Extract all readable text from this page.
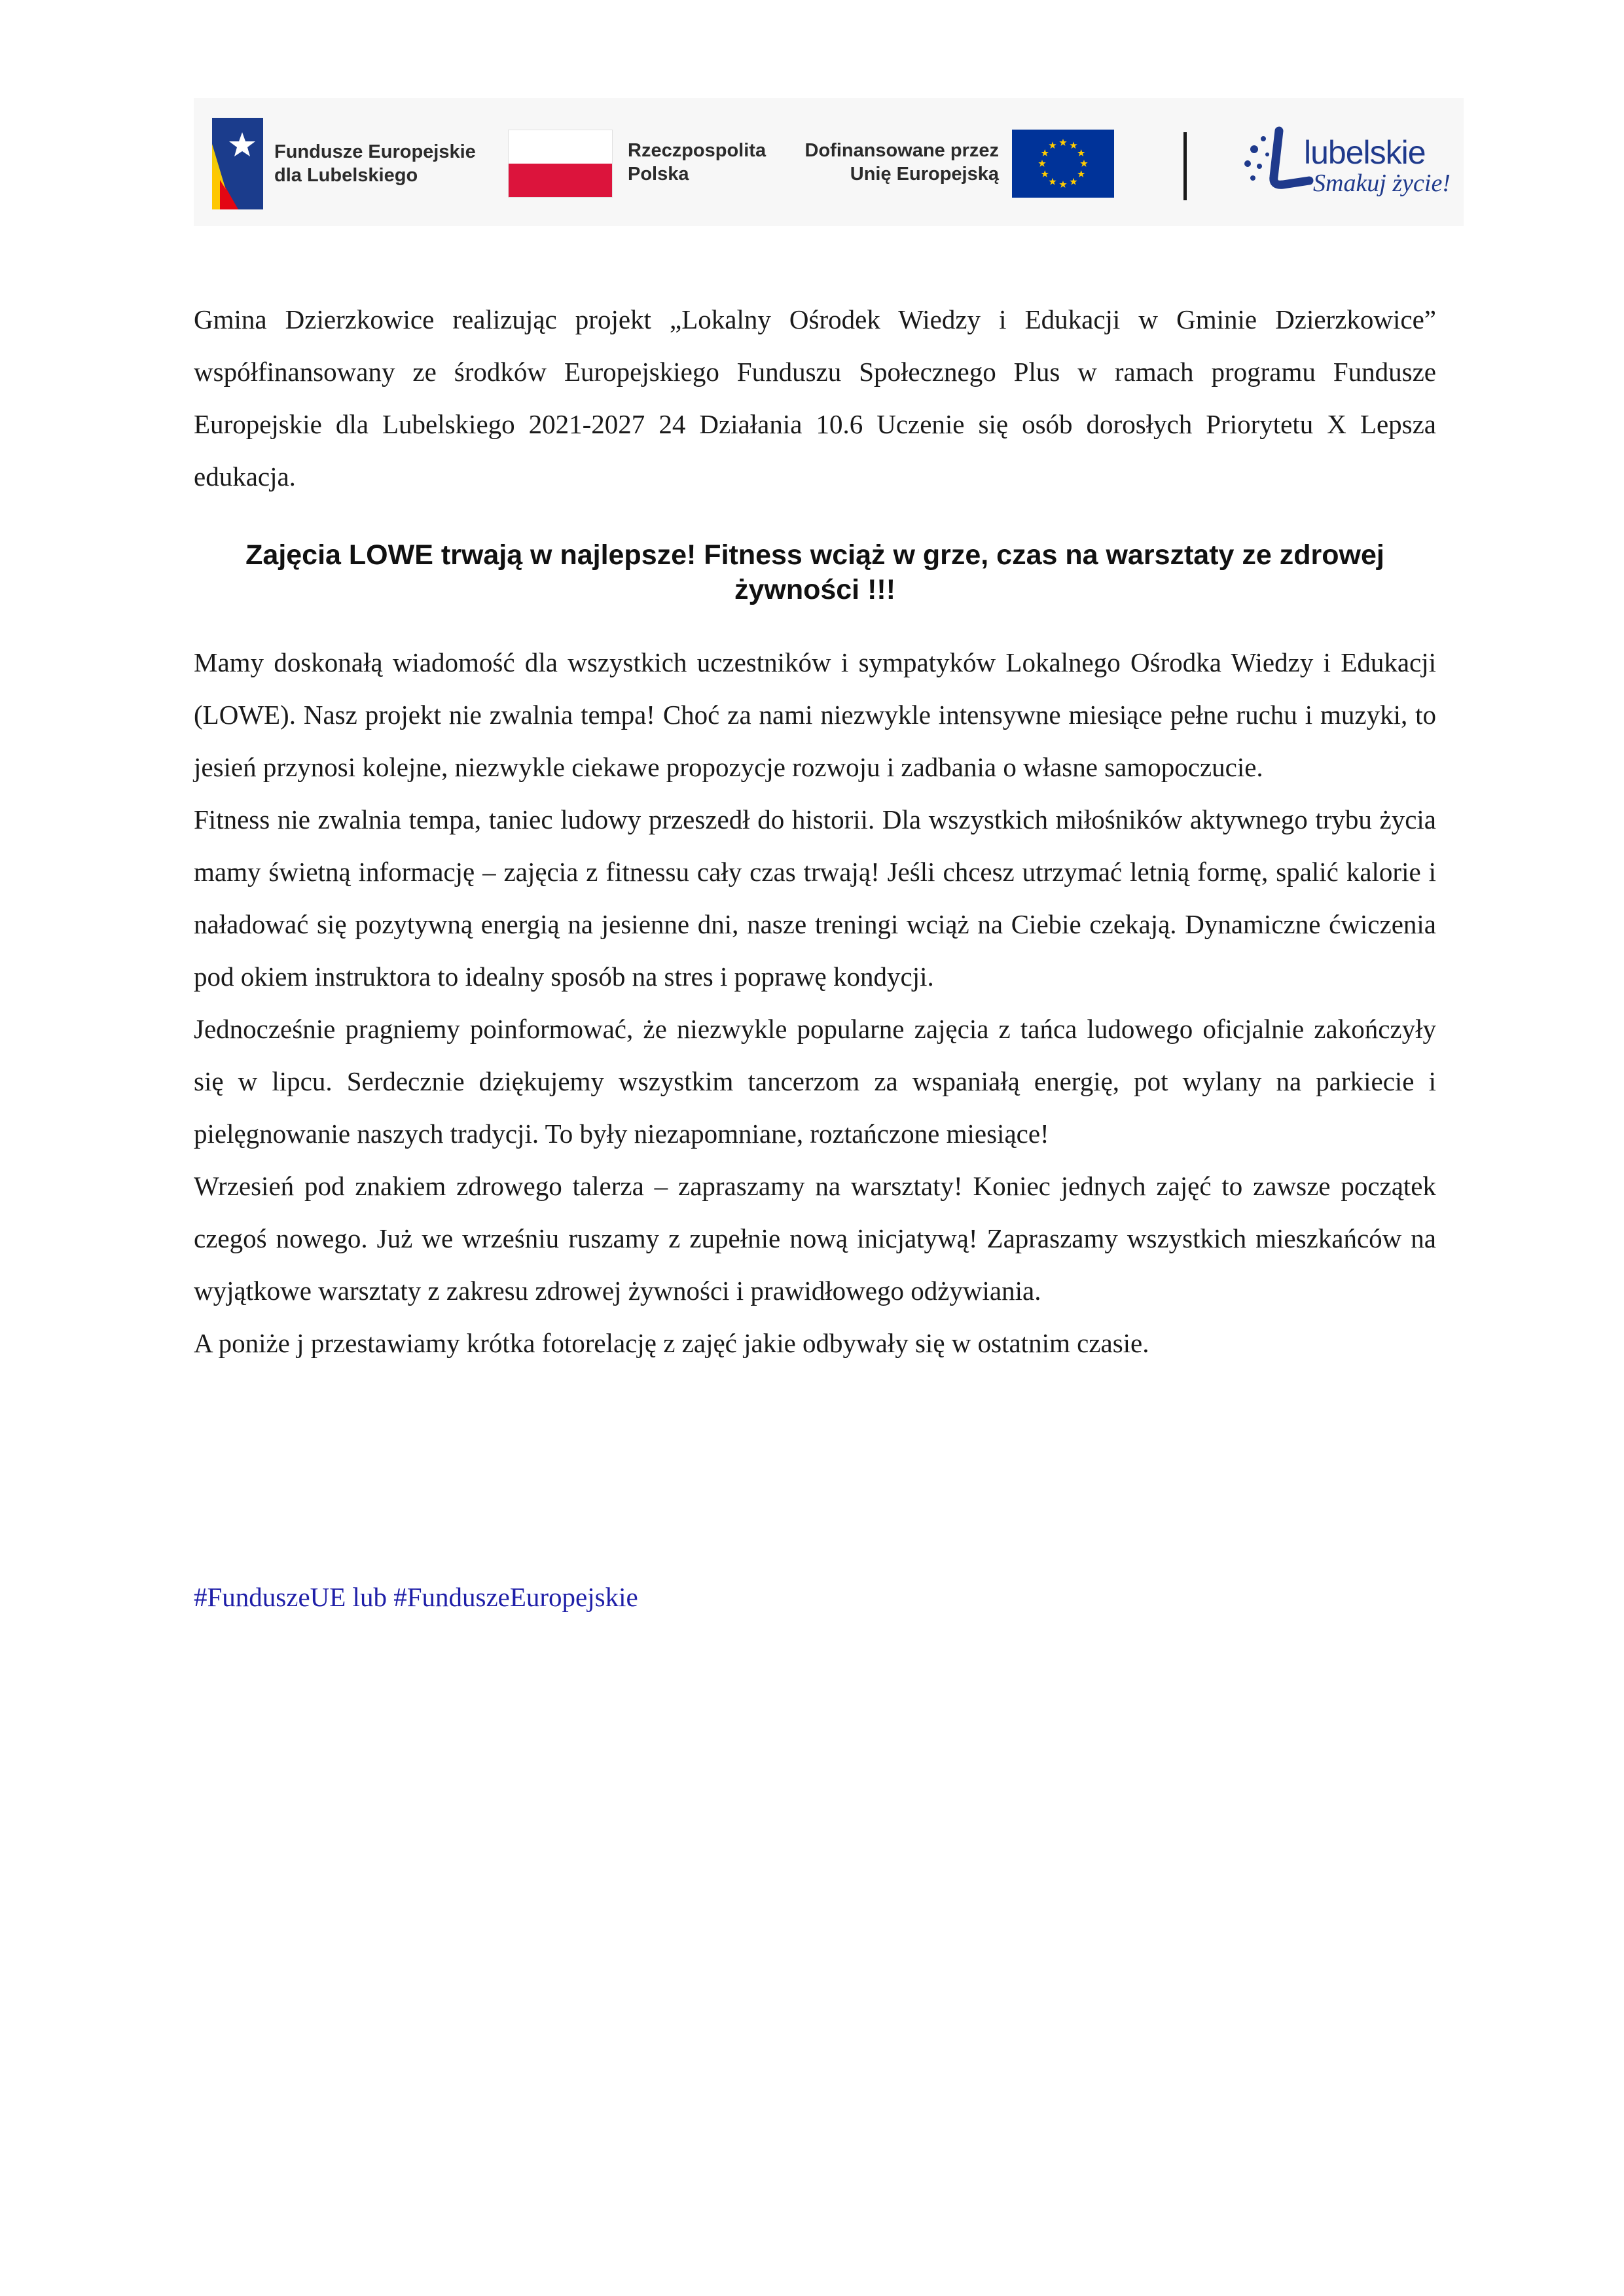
Fundusze Europejskie
dla Lubelskiego
Rzeczpospolita
Polska
Dofinansowane przez
Unię Europejską
lubelskie
Smakuj życie!

Gmina Dzierzkowice realizując projekt „Lokalny Ośrodek Wiedzy i Edukacji w Gminie Dzierzkowice” współfinansowany ze środków Europejskiego Funduszu Społecznego Plus w ramach programu Fundusze Europejskie dla Lubelskiego 2021-2027 24 Działania 10.6 Uczenie się osób dorosłych Priorytetu X Lepsza edukacja.

Zajęcia LOWE trwają w najlepsze! Fitness wciąż w grze, czas na warsztaty ze zdrowej żywności !!!

Mamy doskonałą wiadomość dla wszystkich uczestników i sympatyków Lokalnego Ośrodka Wiedzy i Edukacji (LOWE). Nasz projekt nie zwalnia tempa! Choć za nami niezwykle intensywne miesiące pełne ruchu i muzyki, to jesień przynosi kolejne, niezwykle ciekawe propozycje rozwoju i zadbania o własne samopoczucie.

Fitness nie zwalnia tempa, taniec ludowy przeszedł do historii. Dla wszystkich miłośników aktywnego trybu życia mamy świetną informację – zajęcia z fitnessu cały czas trwają! Jeśli chcesz utrzymać letnią formę, spalić kalorie i naładować się pozytywną energią na jesienne dni, nasze treningi wciąż na Ciebie czekają. Dynamiczne ćwiczenia pod okiem instruktora to idealny sposób na stres i poprawę kondycji.

Jednocześnie pragniemy poinformować, że niezwykle popularne zajęcia z tańca ludowego oficjalnie zakończyły się w lipcu. Serdecznie dziękujemy wszystkim tancerzom za wspaniałą energię, pot wylany na parkiecie i pielęgnowanie naszych tradycji. To były niezapomniane, roztańczone miesiące!

Wrzesień pod znakiem zdrowego talerza – zapraszamy na warsztaty! Koniec jednych zajęć to zawsze początek czegoś nowego. Już we wrześniu ruszamy z zupełnie nową inicjatywą! Zapraszamy wszystkich mieszkańców na wyjątkowe warsztaty z zakresu zdrowej żywności i prawidłowego odżywiania.

A poniże j przestawiamy krótka fotorelację z zajęć jakie odbywały się w ostatnim czasie.

#FunduszeUE lub #FunduszeEuropejskie
